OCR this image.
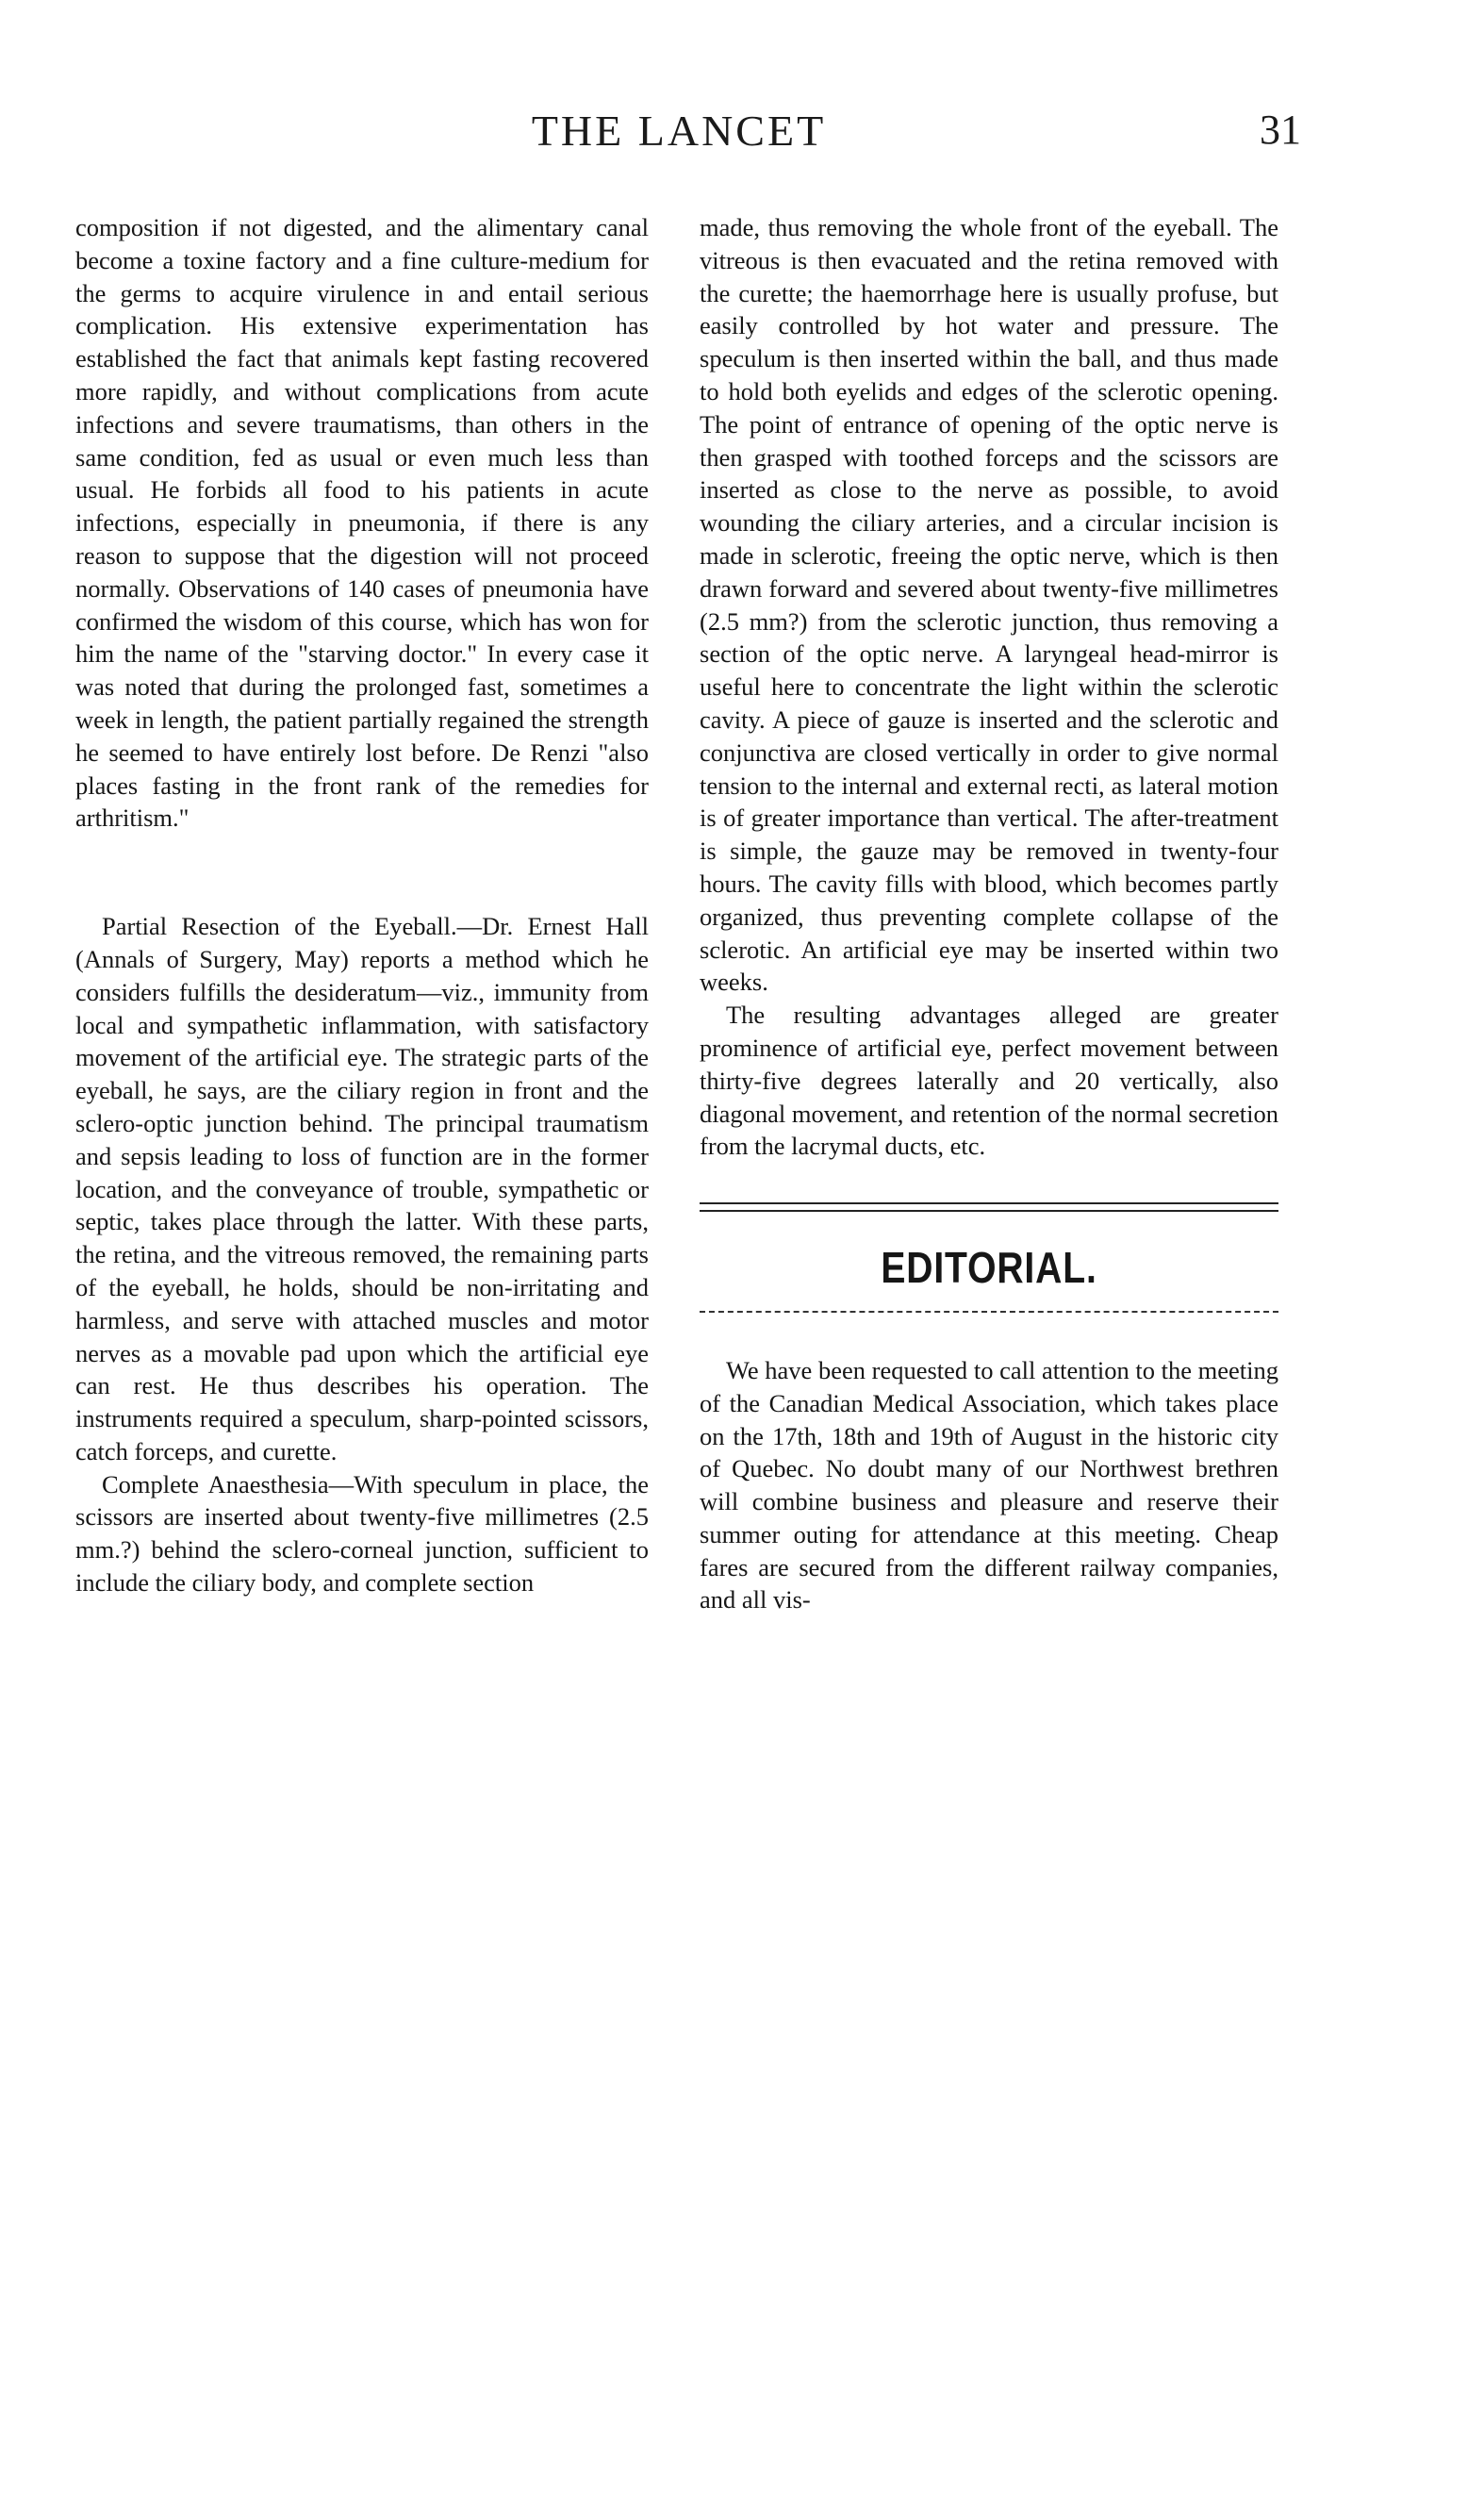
THE LANCET	31

composition if not digested, and the alimentary canal become a toxine factory and a fine culture-medium for the germs to acquire virulence in and entail serious complication. His extensive experimentation has established the fact that animals kept fasting recovered more rapidly, and without complications from acute infections and severe traumatisms, than others in the same condition, fed as usual or even much less than usual. He forbids all food to his patients in acute infections, especially in pneumonia, if there is any reason to suppose that the digestion will not proceed normally. Observations of 140 cases of pneumonia have confirmed the wisdom of this course, which has won for him the name of the "starving doctor." In every case it was noted that during the prolonged fast, sometimes a week in length, the patient partially regained the strength he seemed to have entirely lost before. De Renzi "also places fasting in the front rank of the remedies for arthritism."

Partial Resection of the Eyeball.—Dr. Ernest Hall (Annals of Surgery, May) reports a method which he considers fulfills the desideratum—viz., immunity from local and sympathetic inflammation, with satisfactory movement of the artificial eye. The strategic parts of the eyeball, he says, are the ciliary region in front and the sclero-optic junction behind. The principal traumatism and sepsis leading to loss of function are in the former location, and the conveyance of trouble, sympathetic or septic, takes place through the latter. With these parts, the retina, and the vitreous removed, the remaining parts of the eyeball, he holds, should be non-irritating and harmless, and serve with attached muscles and motor nerves as a movable pad upon which the artificial eye can rest. He thus describes his operation. The instruments required a speculum, sharp-pointed scissors, catch forceps, and curette.

Complete Anaesthesia—With speculum in place, the scissors are inserted about twenty-five millimetres (2.5 mm.?) behind the sclero-corneal junction, sufficient to include the ciliary body, and complete section

made, thus removing the whole front of the eyeball. The vitreous is then evacuated and the retina removed with the curette; the haemorrhage here is usually profuse, but easily controlled by hot water and pressure. The speculum is then inserted within the ball, and thus made to hold both eyelids and edges of the sclerotic opening. The point of entrance of opening of the optic nerve is then grasped with toothed forceps and the scissors are inserted as close to the nerve as possible, to avoid wounding the ciliary arteries, and a circular incision is made in sclerotic, freeing the optic nerve, which is then drawn forward and severed about twenty-five millimetres (2.5 mm?) from the sclerotic junction, thus removing a section of the optic nerve. A laryngeal head-mirror is useful here to concentrate the light within the sclerotic cavity. A piece of gauze is inserted and the sclerotic and conjunctiva are closed vertically in order to give normal tension to the internal and external recti, as lateral motion is of greater importance than vertical. The after-treatment is simple, the gauze may be removed in twenty-four hours. The cavity fills with blood, which becomes partly organized, thus preventing complete collapse of the sclerotic. An artificial eye may be inserted within two weeks.

The resulting advantages alleged are greater prominence of artificial eye, perfect movement between thirty-five degrees laterally and 20 vertically, also diagonal movement, and retention of the normal secretion from the lacrymal ducts, etc.

EDITORIAL.

We have been requested to call attention to the meeting of the Canadian Medical Association, which takes place on the 17th, 18th and 19th of August in the historic city of Quebec. No doubt many of our Northwest brethren will combine business and pleasure and reserve their summer outing for attendance at this meeting. Cheap fares are secured from the different railway companies, and all vis-
